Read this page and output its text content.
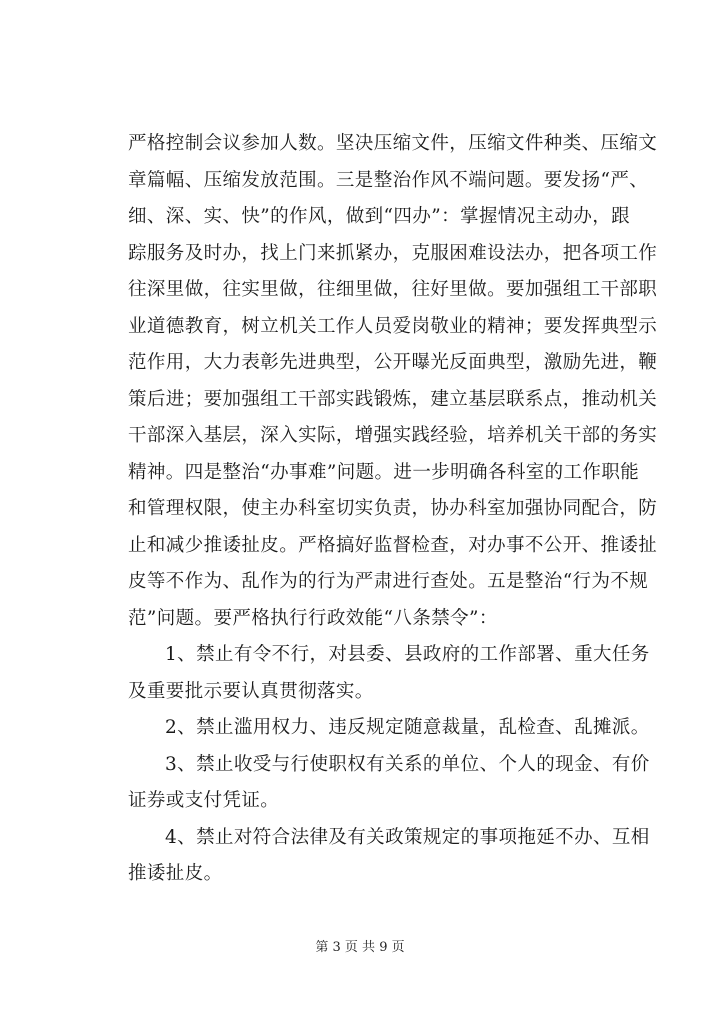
严格控制会议参加人数。坚决压缩文件，压缩文件种类、压缩文
章篇幅、压缩发放范围。三是整治作风不端问题。要发扬“严、
细、深、实、快”的作风，做到“四办”：掌握情况主动办，跟
踪服务及时办，找上门来抓紧办，克服困难设法办，把各项工作
往深里做，往实里做，往细里做，往好里做。要加强组工干部职
业道德教育，树立机关工作人员爱岗敬业的精神；要发挥典型示
范作用，大力表彰先进典型，公开曝光反面典型，激励先进，鞭
策后进；要加强组工干部实践锻炼，建立基层联系点，推动机关
干部深入基层，深入实际，增强实践经验，培养机关干部的务实
精神。四是整治“办事难”问题。进一步明确各科室的工作职能
和管理权限，使主办科室切实负责，协办科室加强协同配合，防
止和减少推诿扯皮。严格搞好监督检查，对办事不公开、推诿扯
皮等不作为、乱作为的行为严肃进行查处。五是整治“行为不规
范”问题。要严格执行行政效能“八条禁令”：
1、禁止有令不行，对县委、县政府的工作部署、重大任务
及重要批示要认真贯彻落实。
2、禁止滥用权力、违反规定随意裁量，乱检查、乱摊派。
3、禁止收受与行使职权有关系的单位、个人的现金、有价
证券或支付凭证。
4、禁止对符合法律及有关政策规定的事项拖延不办、互相
推诿扯皮。
第 3 页 共 9 页
